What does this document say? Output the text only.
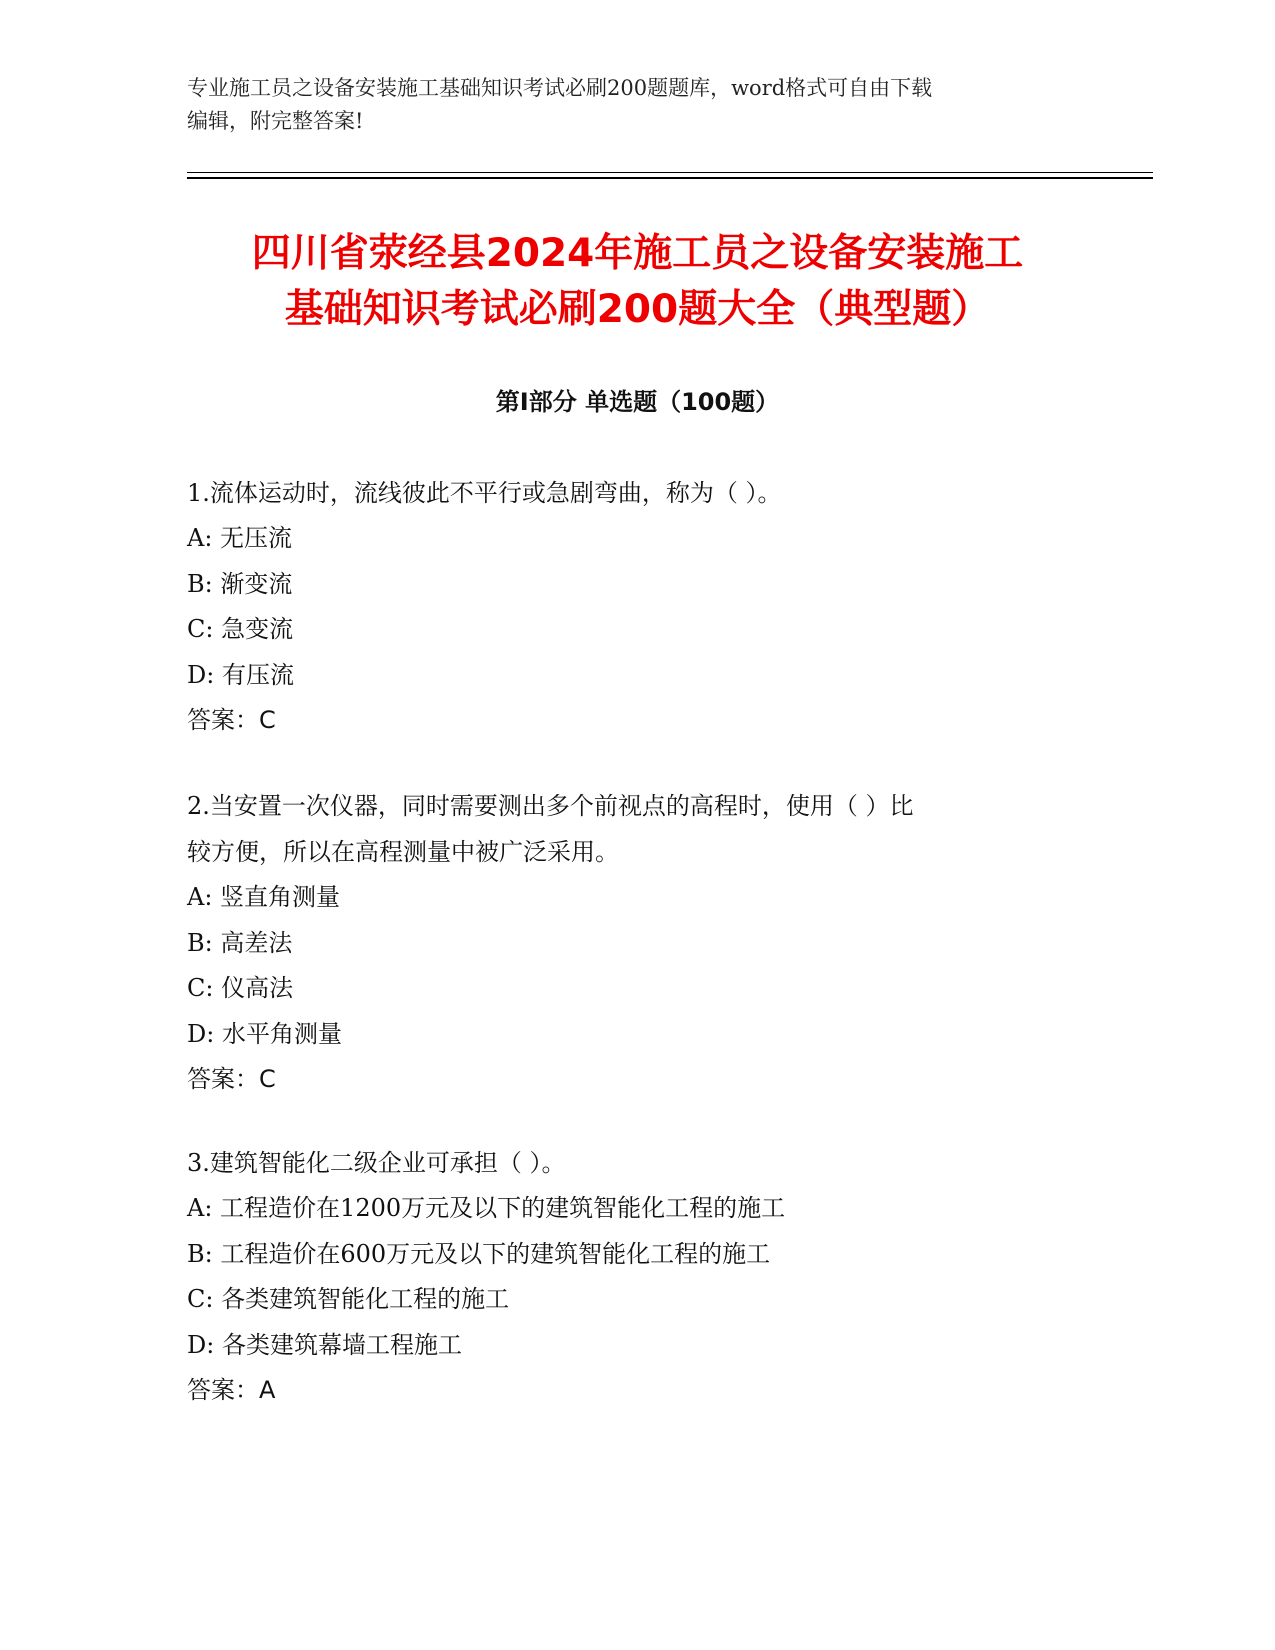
专业施工员之设备安装施工基础知识考试必刷200题题库，word格式可自由下载
编辑，附完整答案!

四川省荥经县2024年施工员之设备安装施工
基础知识考试必刷200题大全（典型题）
第I部分 单选题（100题）

1.流体运动时，流线彼此不平行或急剧弯曲，称为（ ）。

A: 无压流

B: 渐变流

C: 急变流

D: 有压流

答案：C

2.当安置一次仪器，同时需要测出多个前视点的高程时，使用（ ）比
较方便，所以在高程测量中被广泛采用。

A: 竖直角测量

B: 高差法

C: 仪高法

D: 水平角测量

答案：C

3.建筑智能化二级企业可承担（ ）。

A: 工程造价在1200万元及以下的建筑智能化工程的施工

B: 工程造价在600万元及以下的建筑智能化工程的施工

C: 各类建筑智能化工程的施工

D: 各类建筑幕墙工程施工

答案：A
